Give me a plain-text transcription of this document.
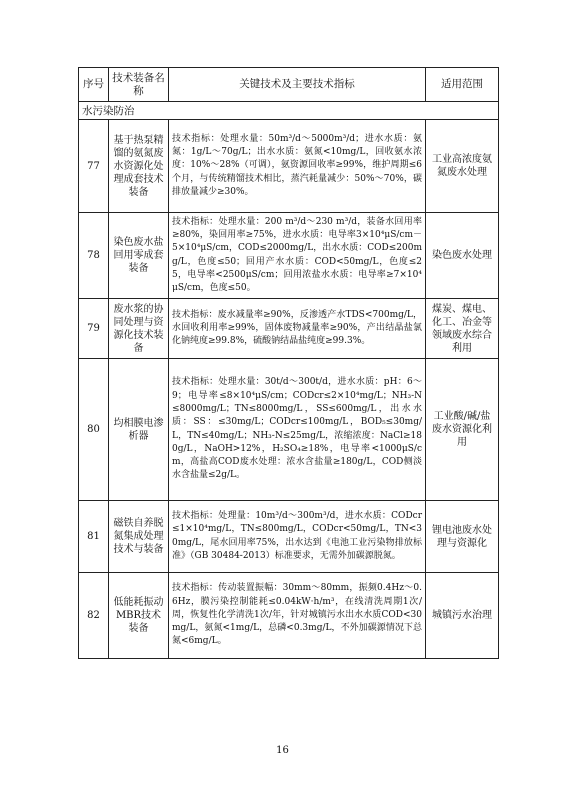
序号	技术装备名称	关键技术及主要技术指标	适用范围
水污染防治			
77	基于热泵精馏的氨氮废水资源化处理成套技术装备	技术指标：处理水量：50m³/d～5000m³/d；进水水质：氨氮：1g/L～70g/L；出水水质：氨氮<10mg/L，回收氨水浓度：10%～28%（可调），氨资源回收率≥99%，维护周期≤6个月，与传统精馏技术相比，蒸汽耗量减少：50%～70%，碳排放量减少≥30%。	工业高浓度氨氮废水处理
78	染色废水盐回用零成套装备	技术指标：处理水量：200 m³/d～230 m³/d，装备水回用率≥80%，染回用率≥75%，进水水质：电导率3×10⁴μS/cm－5×10⁴μS/cm，COD≤2000mg/L，出水水质：COD≤200mg/L，色度≤50；回用产水水质：COD<50mg/L，色度≤25，电导率<2500μS/cm；回用浓盐水水质：电导率≥7×10⁴μS/cm，色度≤50。	染色废水处理
79	废水浆的协同处理与资源化技术装备	技术指标：废水减量率≥90%，反渗透产水TDS<700mg/L，水回收利用率≥99%，固体废物减量率≥90%，产出结晶盐氯化钠纯度≥99.8%，硫酸钠结晶盐纯度≥99.3%。	煤炭、煤电、化工、冶金等领域废水综合利用
80	均相膜电渗析器	技术指标：处理水量：30t/d～300t/d，进水水质：pH：6～9；电导率≤8×10⁴μS/cm；CODcr≤2×10⁴mg/L；NH₃-N≤8000mg/L；TN≤8000mg/L，SS≤600mg/L，出水水质：SS：≤30mg/L；CODcr≤100mg/L，BOD₅≤30mg/L，TN≤40mg/L；NH₃-N≤25mg/L，浓缩浓度：NaCl≥180g/L，NaOH>12%，H₂SO₄≥18%，电导率<1000μS/cm，高盐高COD废水处理：浓水含盐量≥180g/L，COD侧淡水含盐量≤2g/L。	工业酸/碱/盐废水资源化利用
81	磁铁自养脱氮集成处理技术与装备	技术指标：处理量：10m³/d～300m³/d，进水水质：CODcr≤1×10⁴mg/L，TN≤800mg/L，CODcr<50mg/L，TN<30mg/L，尾水回用率75%，出水达到《电池工业污染物排放标准》（GB 30484-2013）标准要求，无需外加碳源脱氮。	锂电池废水处理与资源化
82	低能耗振动MBR技术装备	技术指标：传动装置振幅：30mm～80mm，振频0.4Hz～0.6Hz，膜污染控制能耗≤0.04kW·h/m³，在线清洗周期1次/周，恢复性化学清洗1次/年，针对城镇污水出水水质COD<30mg/L，氨氮<1mg/L，总磷<0.3mg/L，不外加碳源情况下总氮<6mg/L。	城镇污水治理
16
